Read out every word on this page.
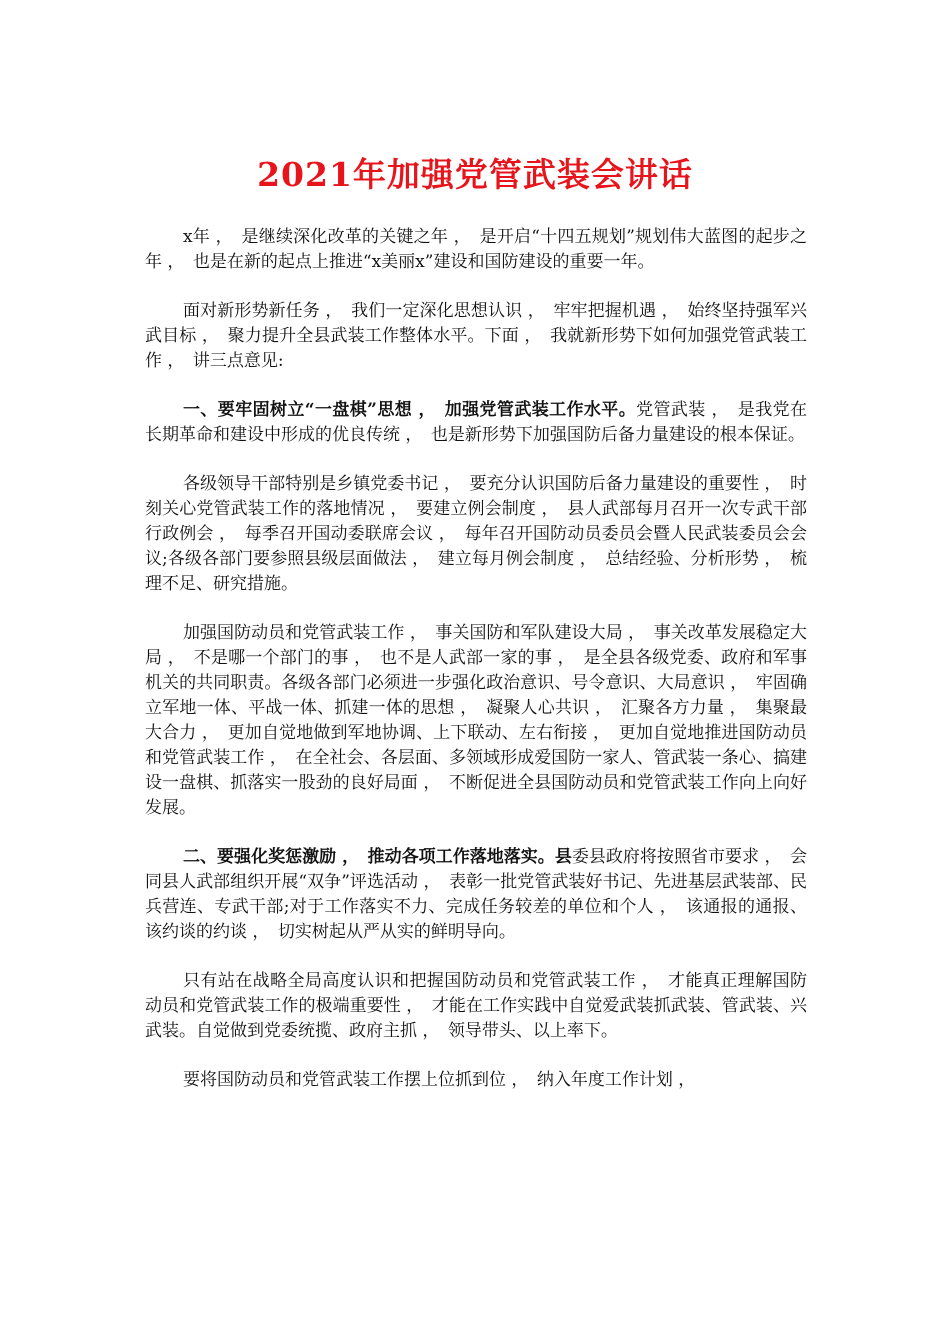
2021年加强党管武装会讲话

x年 ，　是继续深化改革的关键之年 ，　是开启“十四五规划”规划伟大蓝图的起步之年 ，　也是在新的起点上推进“x美丽x”建设和国防建设的重要一年。

面对新形势新任务 ，　我们一定深化思想认识 ，　牢牢把握机遇 ，　始终坚持强军兴武目标 ，　聚力提升全县武装工作整体水平。下面 ，　我就新形势下如何加强党管武装工作 ，　讲三点意见:

一、要牢固树立“一盘棋”思想 ，　加强党管武装工作水平。党管武装 ，　是我党在长期革命和建设中形成的优良传统 ，　也是新形势下加强国防后备力量建设的根本保证。

各级领导干部特别是乡镇党委书记 ，　要充分认识国防后备力量建设的重要性 ，　时刻关心党管武装工作的落地情况 ，　要建立例会制度 ，　县人武部每月召开一次专武干部行政例会 ，　每季召开国动委联席会议 ，　每年召开国防动员委员会暨人民武装委员会会议;各级各部门要参照县级层面做法 ，　建立每月例会制度 ，　总结经验、分析形势 ，　梳理不足、研究措施。

加强国防动员和党管武装工作 ，　事关国防和军队建设大局 ，　事关改革发展稳定大局 ，　不是哪一个部门的事 ，　也不是人武部一家的事 ，　是全县各级党委、政府和军事机关的共同职责。各级各部门必须进一步强化政治意识、号令意识、大局意识 ，　牢固确立军地一体、平战一体、抓建一体的思想 ，　凝聚人心共识 ，　汇聚各方力量 ，　集聚最大合力 ，　更加自觉地做到军地协调、上下联动、左右衔接 ，　更加自觉地推进国防动员和党管武装工作 ，　在全社会、各层面、多领域形成爱国防一家人、管武装一条心、搞建设一盘棋、抓落实一股劲的良好局面 ，　不断促进全县国防动员和党管武装工作向上向好发展。

二、要强化奖惩激励 ，　推动各项工作落地落实。县委县政府将按照省市要求 ，　会同县人武部组织开展“双争”评选活动 ，　表彰一批党管武装好书记、先进基层武装部、民兵营连、专武干部;对于工作落实不力、完成任务较差的单位和个人 ，　该通报的通报、该约谈的约谈 ，　切实树起从严从实的鲜明导向。

只有站在战略全局高度认识和把握国防动员和党管武装工作 ，　才能真正理解国防动员和党管武装工作的极端重要性 ，　才能在工作实践中自觉爱武装抓武装、管武装、兴武装。自觉做到党委统揽、政府主抓 ，　领导带头、以上率下。

要将国防动员和党管武装工作摆上位抓到位 ，　纳入年度工作计划 ，
